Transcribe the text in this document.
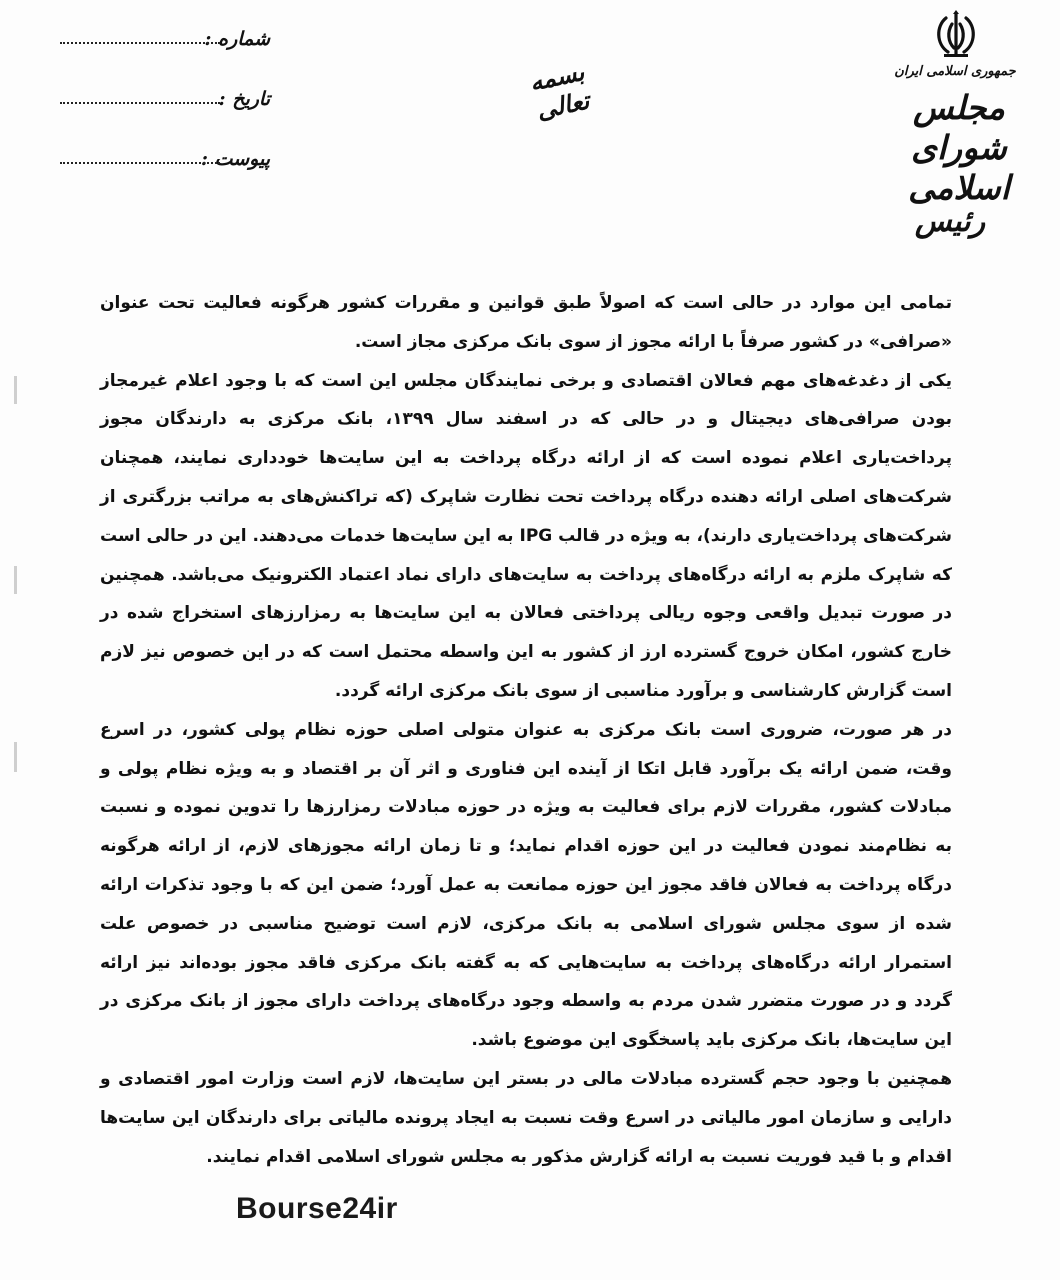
شماره :
تاریخ :
پیوست :
بسمه تعالی
جمهوری اسلامی ایران
مجلس شورای اسلامی
رئیس

تمامی این موارد در حالی است که اصولاً طبق قوانین و مقررات کشور هرگونه فعالیت تحت عنوان «صرافی» در کشور صرفاً با ارائه مجوز از سوی بانک مرکزی مجاز است.

یکی از دغدغه‌های مهم فعالان اقتصادی و برخی نمایندگان مجلس این است که با وجود اعلام غیرمجاز بودن صرافی‌های دیجیتال و در حالی که در اسفند سال ۱۳۹۹، بانک مرکزی به دارندگان مجوز پرداخت‌یاری اعلام نموده است که از ارائه درگاه پرداخت به این سایت‌ها خودداری نمایند، همچنان شرکت‌های اصلی ارائه دهنده درگاه پرداخت تحت نظارت شاپرک (که تراکنش‌های به مراتب بزرگتری از شرکت‌های پرداخت‌یاری دارند)، به ویژه در قالب IPG به این سایت‌ها خدمات می‌دهند. این در حالی است که شاپرک ملزم به ارائه درگاه‌های پرداخت به سایت‌های دارای نماد اعتماد الکترونیک می‌باشد. همچنین در صورت تبدیل واقعی وجوه ریالی پرداختی فعالان به این سایت‌ها به رمزارزهای استخراج شده در خارج کشور، امکان خروج گسترده ارز از کشور به این واسطه محتمل است که در این خصوص نیز لازم است گزارش کارشناسی و برآورد مناسبی از سوی بانک مرکزی ارائه گردد.

در هر صورت، ضروری است بانک مرکزی به عنوان متولی اصلی حوزه نظام پولی کشور، در اسرع وقت، ضمن ارائه یک برآورد قابل اتکا از آینده این فناوری و اثر آن بر اقتصاد و به ویژه نظام پولی و مبادلات کشور، مقررات لازم برای فعالیت به ویژه در حوزه مبادلات رمزارزها را تدوین نموده و نسبت به نظام‌مند نمودن فعالیت در این حوزه اقدام نماید؛ و تا زمان ارائه مجوزهای لازم، از ارائه هرگونه درگاه پرداخت به فعالان فاقد مجوز این حوزه ممانعت به عمل آورد؛ ضمن این که با وجود تذکرات ارائه شده از سوی مجلس شورای اسلامی به بانک مرکزی، لازم است توضیح مناسبی در خصوص علت استمرار ارائه درگاه‌های پرداخت به سایت‌هایی که به گفته بانک مرکزی فاقد مجوز بوده‌اند نیز ارائه گردد و در صورت متضرر شدن مردم به واسطه وجود درگاه‌های پرداخت دارای مجوز از بانک مرکزی در این سایت‌ها، بانک مرکزی باید پاسخگوی این موضوع باشد.

همچنین با وجود حجم گسترده مبادلات مالی در بستر این سایت‌ها، لازم است وزارت امور اقتصادی و دارایی و سازمان امور مالیاتی در اسرع وقت نسبت به ایجاد پرونده مالیاتی برای دارندگان این سایت‌ها اقدام و با قید فوریت نسبت به ارائه گزارش مذکور به مجلس شورای اسلامی اقدام نمایند.

Bourse24ir
